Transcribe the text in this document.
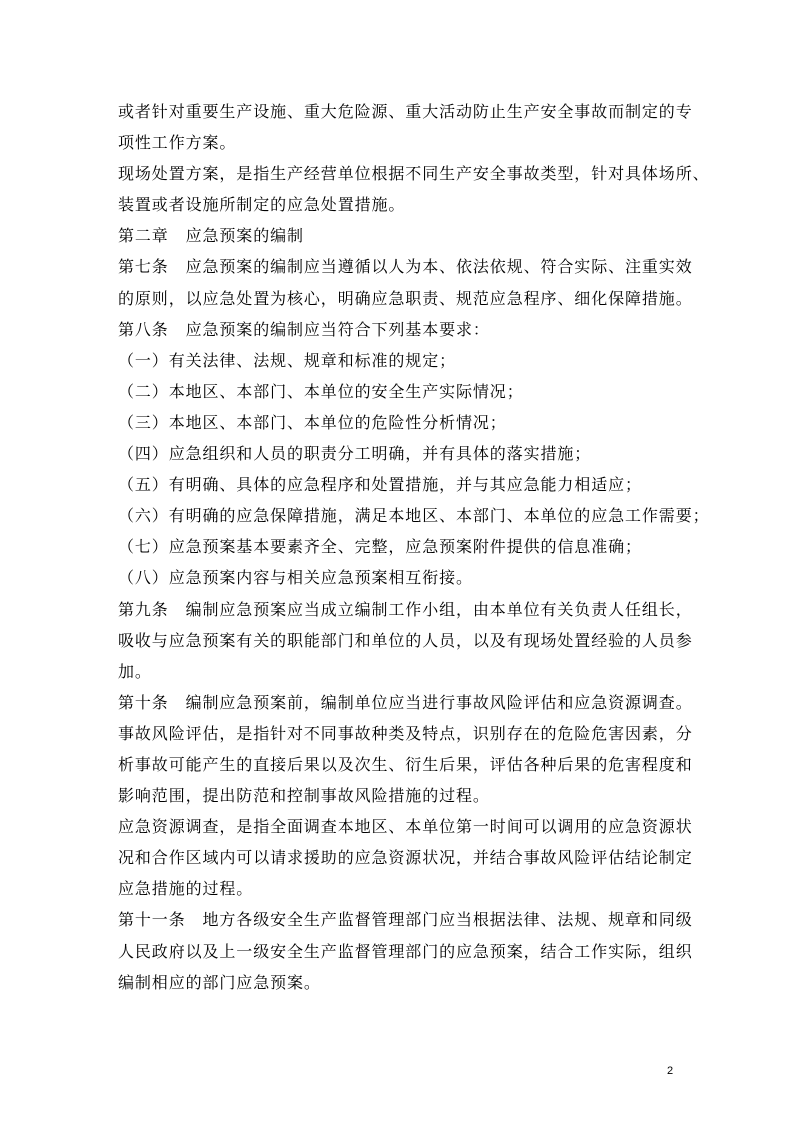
或者针对重要生产设施、重大危险源、重大活动防止生产安全事故而制定的专
项性工作方案。
现场处置方案，是指生产经营单位根据不同生产安全事故类型，针对具体场所、
装置或者设施所制定的应急处置措施。
第二章　应急预案的编制
第七条　应急预案的编制应当遵循以人为本、依法依规、符合实际、注重实效
的原则，以应急处置为核心，明确应急职责、规范应急程序、细化保障措施。
第八条　应急预案的编制应当符合下列基本要求：
（一）有关法律、法规、规章和标准的规定；
（二）本地区、本部门、本单位的安全生产实际情况；
（三）本地区、本部门、本单位的危险性分析情况；
（四）应急组织和人员的职责分工明确，并有具体的落实措施；
（五）有明确、具体的应急程序和处置措施，并与其应急能力相适应；
（六）有明确的应急保障措施，满足本地区、本部门、本单位的应急工作需要；
（七）应急预案基本要素齐全、完整，应急预案附件提供的信息准确；
（八）应急预案内容与相关应急预案相互衔接。
第九条　编制应急预案应当成立编制工作小组，由本单位有关负责人任组长，
吸收与应急预案有关的职能部门和单位的人员，以及有现场处置经验的人员参
加。
第十条　编制应急预案前，编制单位应当进行事故风险评估和应急资源调查。
事故风险评估，是指针对不同事故种类及特点，识别存在的危险危害因素，分
析事故可能产生的直接后果以及次生、衍生后果，评估各种后果的危害程度和
影响范围，提出防范和控制事故风险措施的过程。
应急资源调查，是指全面调查本地区、本单位第一时间可以调用的应急资源状
况和合作区域内可以请求援助的应急资源状况，并结合事故风险评估结论制定
应急措施的过程。
第十一条　地方各级安全生产监督管理部门应当根据法律、法规、规章和同级
人民政府以及上一级安全生产监督管理部门的应急预案，结合工作实际，组织
编制相应的部门应急预案。
2
